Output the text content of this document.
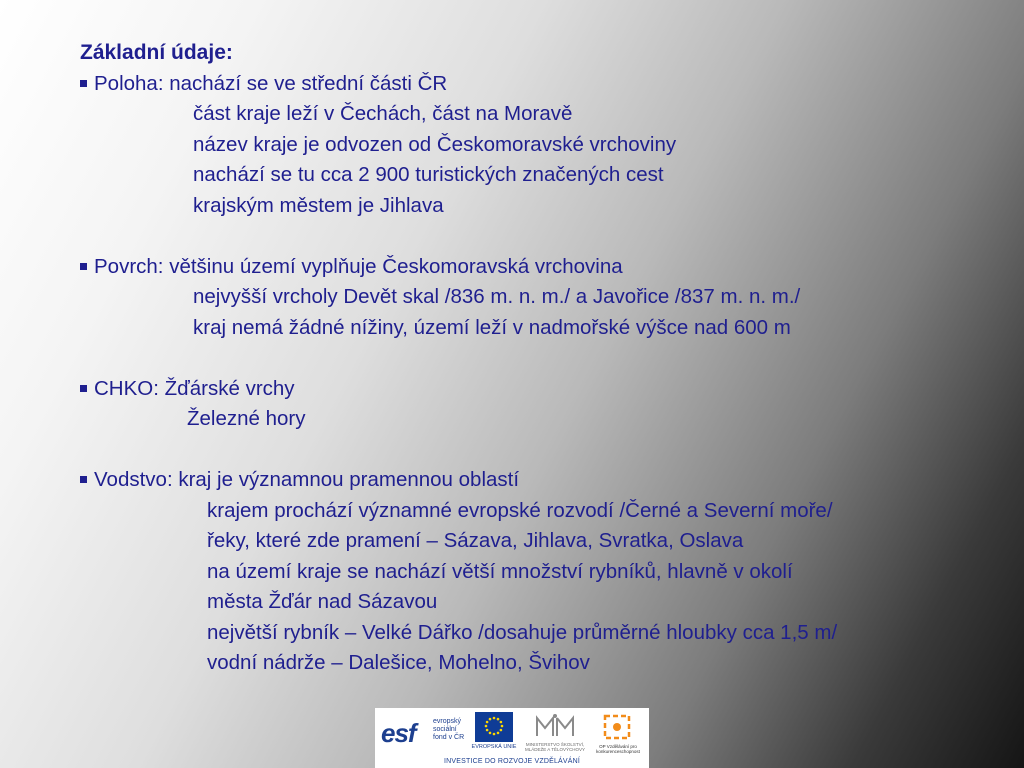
Základní údaje:
Poloha: nachází se ve střední části ČR
část kraje leží v Čechách, část na Moravě
název kraje je odvozen od Českomoravské vrchoviny
nachází se tu cca 2 900 turistických značených cest
krajským městem je Jihlava
Povrch: většinu území vyplňuje Českomoravská vrchovina
nejvyšší vrcholy Devět skal /836 m. n. m./ a Javořice /837 m. n. m./
kraj nemá žádné nížiny, území leží v nadmořské výšce nad 600 m
CHKO: Žďárské vrchy
Železné hory
Vodstvo: kraj je významnou pramennou oblastí
krajem prochází významné evropské rozvodí /Černé a Severní moře/
řeky, které zde pramení – Sázava, Jihlava, Svratka, Oslava
na území kraje se nachází větší množství rybníků, hlavně v okolí
města Žďár nad Sázavou
největší rybník – Velké Dářko /dosahuje průměrné hloubky cca 1,5 m/
vodní nádrže – Dalešice, Mohelno, Švihov
esf evropský
sociální
fond v ČR
EVROPSKÁ UNIE	MINISTERSTVO ŠKOLSTVÍ, MLÁDEŽE A TĚLOVÝCHOVY
OP Vzdělávání pro konkurenceschopnost
INVESTICE DO ROZVOJE VZDĚLÁVÁNÍ
